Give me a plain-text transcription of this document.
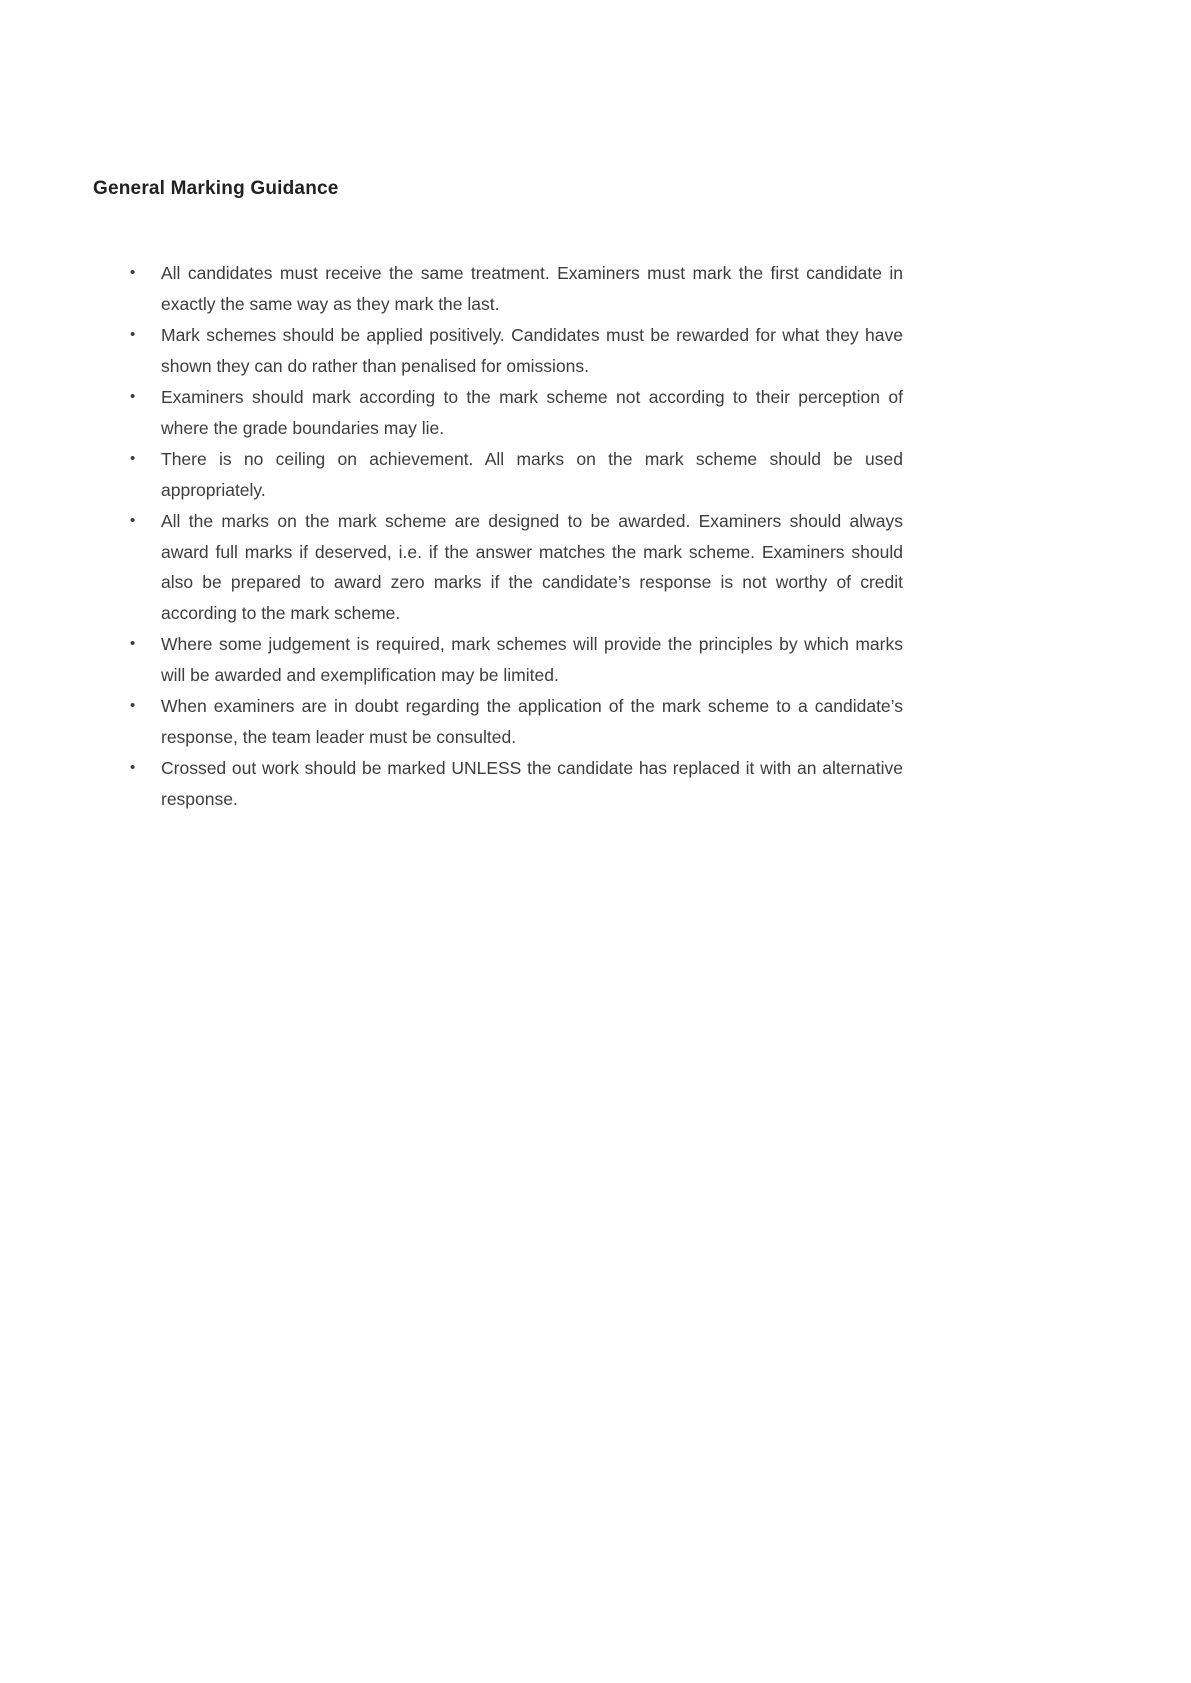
General Marking Guidance
• All candidates must receive the same treatment. Examiners must mark the first candidate in exactly the same way as they mark the last.
• Mark schemes should be applied positively. Candidates must be rewarded for what they have shown they can do rather than penalised for omissions.
• Examiners should mark according to the mark scheme not according to their perception of where the grade boundaries may lie.
• There is no ceiling on achievement. All marks on the mark scheme should be used appropriately.
• All the marks on the mark scheme are designed to be awarded. Examiners should always award full marks if deserved, i.e. if the answer matches the mark scheme. Examiners should also be prepared to award zero marks if the candidate’s response is not worthy of credit according to the mark scheme.
• Where some judgement is required, mark schemes will provide the principles by which marks will be awarded and exemplification may be limited.
• When examiners are in doubt regarding the application of the mark scheme to a candidate’s response, the team leader must be consulted.
• Crossed out work should be marked UNLESS the candidate has replaced it with an alternative response.
